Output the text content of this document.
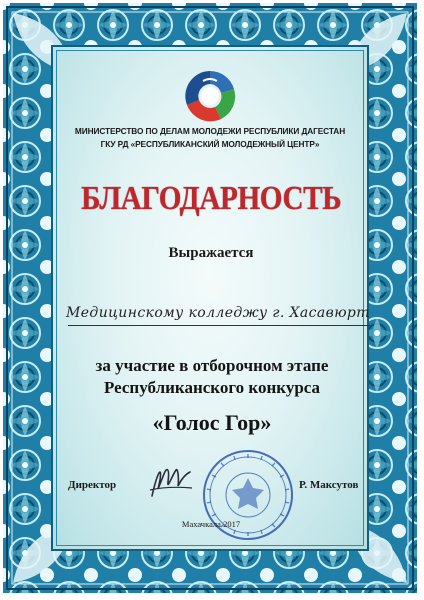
МИНИСТЕРСТВО ПО ДЕЛАМ МОЛОДЕЖИ РЕСПУБЛИКИ ДАГЕСТАН
ГКУ РД «РЕСПУБЛИКАНСКИЙ МОЛОДЕЖНЫЙ ЦЕНТР»
БЛАГОДАРНОСТЬ
Выражается
Медицинскому колледжу г. Хасавюрт
за участие в отборочном этапе
Республиканского конкурса
«Голос Гор»
Директор	Р. Максутов
Махачкала 2017
